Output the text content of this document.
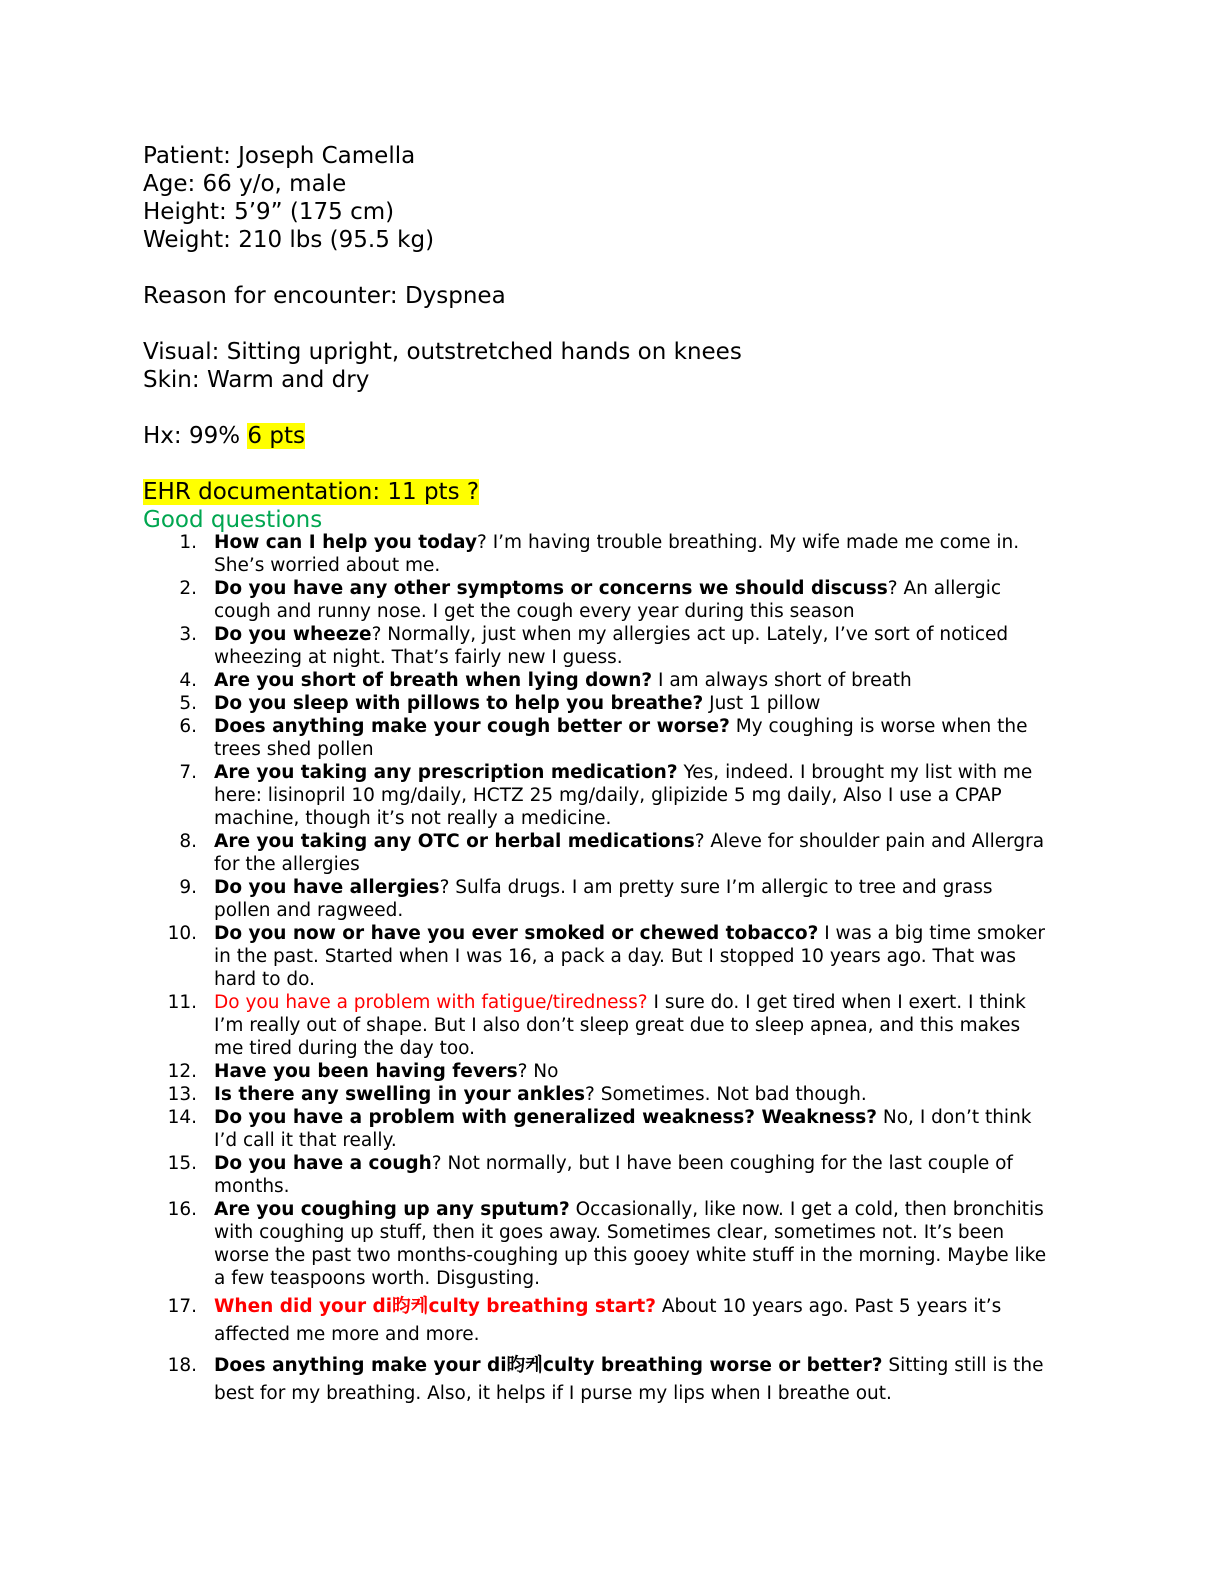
Patient: Joseph Camella

Age: 66 y/o, male

Height: 5’9” (175 cm)

Weight: 210 lbs (95.5 kg)

Reason for encounter: Dyspnea

Visual: Sitting upright, outstretched hands on knees

Skin: Warm and dry

Hx: 99% 6 pts

EHR documentation: 11 pts ?

Good questions

1. How can I help you today? I’m having trouble breathing. My wife made me come in. She’s worried about me.
2. Do you have any other symptoms or concerns we should discuss? An allergic cough and runny nose. I get the cough every year during this season
3. Do you wheeze? Normally, just when my allergies act up. Lately, I’ve sort of noticed wheezing at night. That’s fairly new I guess.
4. Are you short of breath when lying down? I am always short of breath
5. Do you sleep with pillows to help you breathe? Just 1 pillow
6. Does anything make your cough better or worse? My coughing is worse when the trees shed pollen
7. Are you taking any prescription medication? Yes, indeed. I brought my list with me here: lisinopril 10 mg/daily, HCTZ 25 mg/daily, glipizide 5 mg daily, Also I use a CPAP machine, though it’s not really a medicine.
8. Are you taking any OTC or herbal medications? Aleve for shoulder pain and Allergra for the allergies
9. Do you have allergies? Sulfa drugs. I am pretty sure I’m allergic to tree and grass pollen and ragweed.
10. Do you now or have you ever smoked or chewed tobacco? I was a big time smoker in the past. Started when I was 16, a pack a day. But I stopped 10 years ago. That was hard to do.
11. Do you have a problem with fatigue/tiredness? I sure do. I get tired when I exert. I think I’m really out of shape. But I also don’t sleep great due to sleep apnea, and this makes me tired during the day too.
12. Have you been having fevers? No
13. Is there any swelling in your ankles? Sometimes. Not bad though.
14. Do you have a problem with generalized weakness? Weakness? No, I don’t think I’d call it that really.
15. Do you have a cough? Not normally, but I have been coughing for the last couple of months.
16. Are you coughing up any sputum? Occasionally, like now. I get a cold, then bronchitis with coughing up stuff, then it goes away. Sometimes clear, sometimes not. It’s been worse the past two months-coughing up this gooey white stuff in the morning. Maybe like a few teaspoons worth. Disgusting.
17. When did your di昀케culty breathing start? About 10 years ago. Past 5 years it’s affected me more and more.
18. Does anything make your di昀케culty breathing worse or better? Sitting still is the best for my breathing. Also, it helps if I purse my lips when I breathe out.
